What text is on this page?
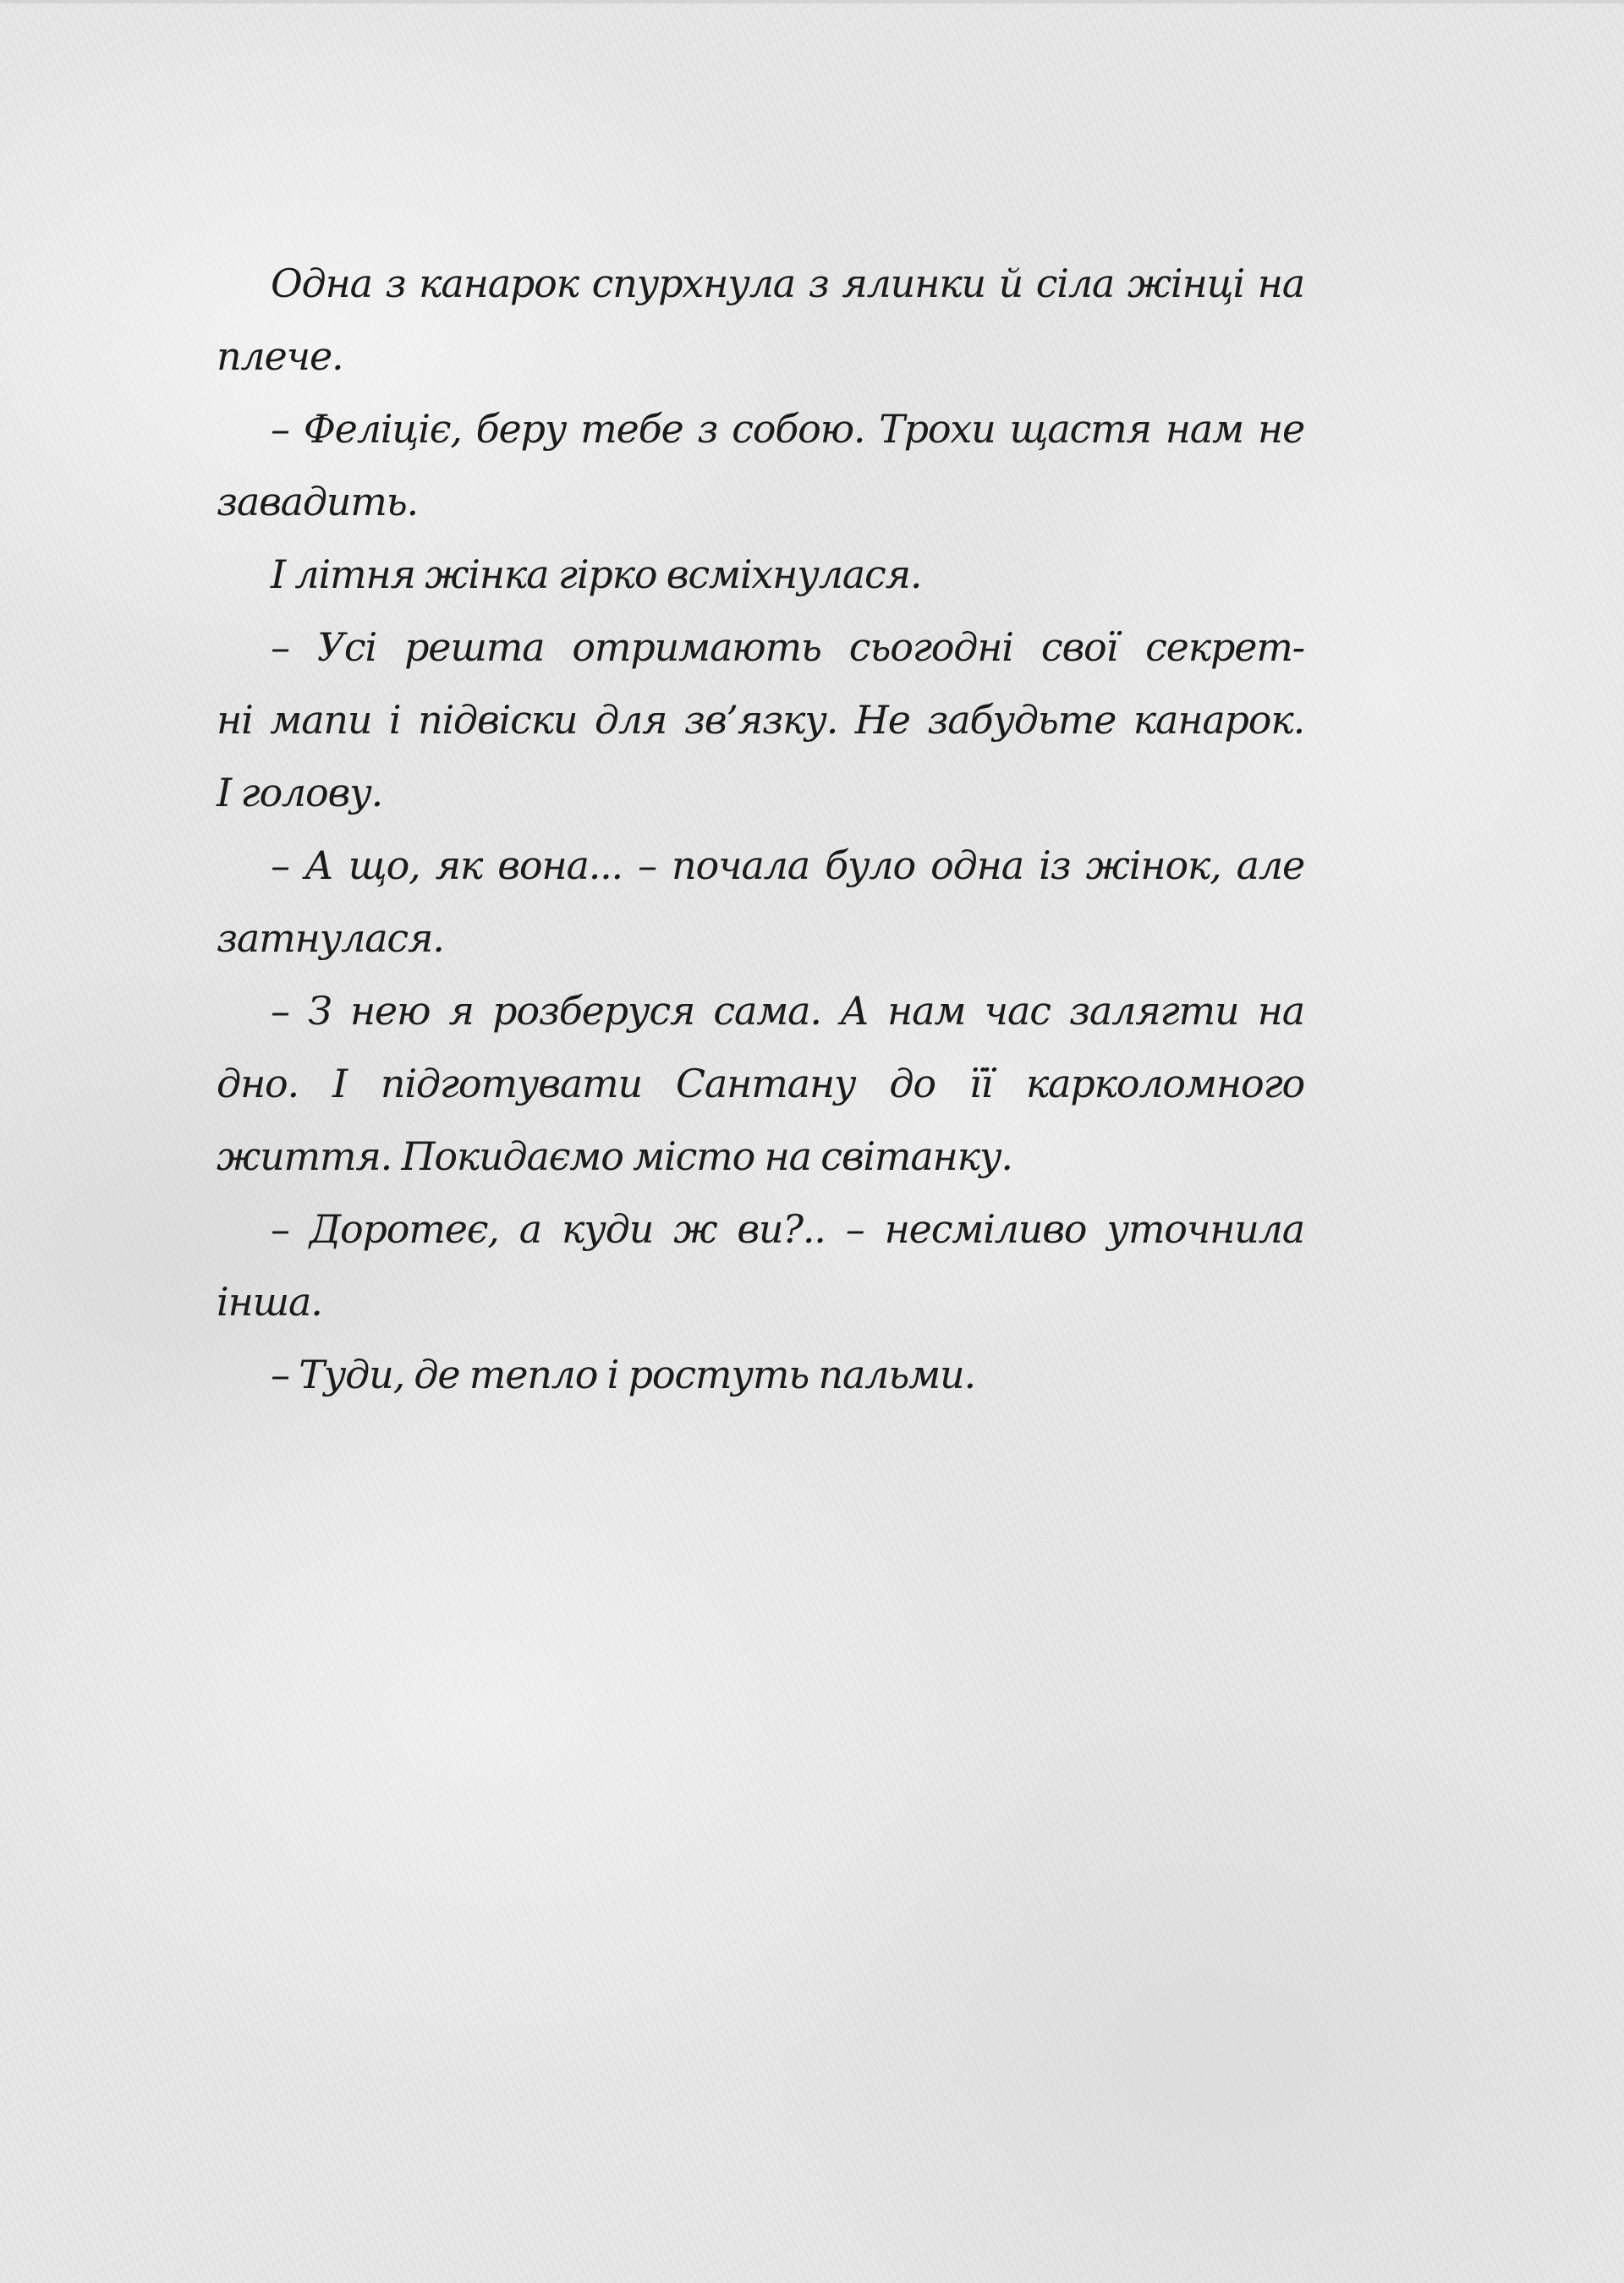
Одна з канарок спурхнула з ялинки й сіла жінці на
плече.
– Феліціє, беру тебе з собою. Трохи щастя нам не
завадить.
І літня жінка гірко всміхнулася.
– Усі решта отримають сьогодні свої секрет-
ні мапи і підвіски для зв’язку. Не забудьте канарок.
І голову.
– А що, як вона... – почала було одна із жінок, але
затнулася.
– З нею я розберуся сама. А нам час залягти на
дно. І підготувати Сантану до її карколомного
життя. Покидаємо місто на світанку.
– Доротеє, а куди ж ви?.. – несміливо уточнила
інша.
– Туди, де тепло і ростуть пальми.
